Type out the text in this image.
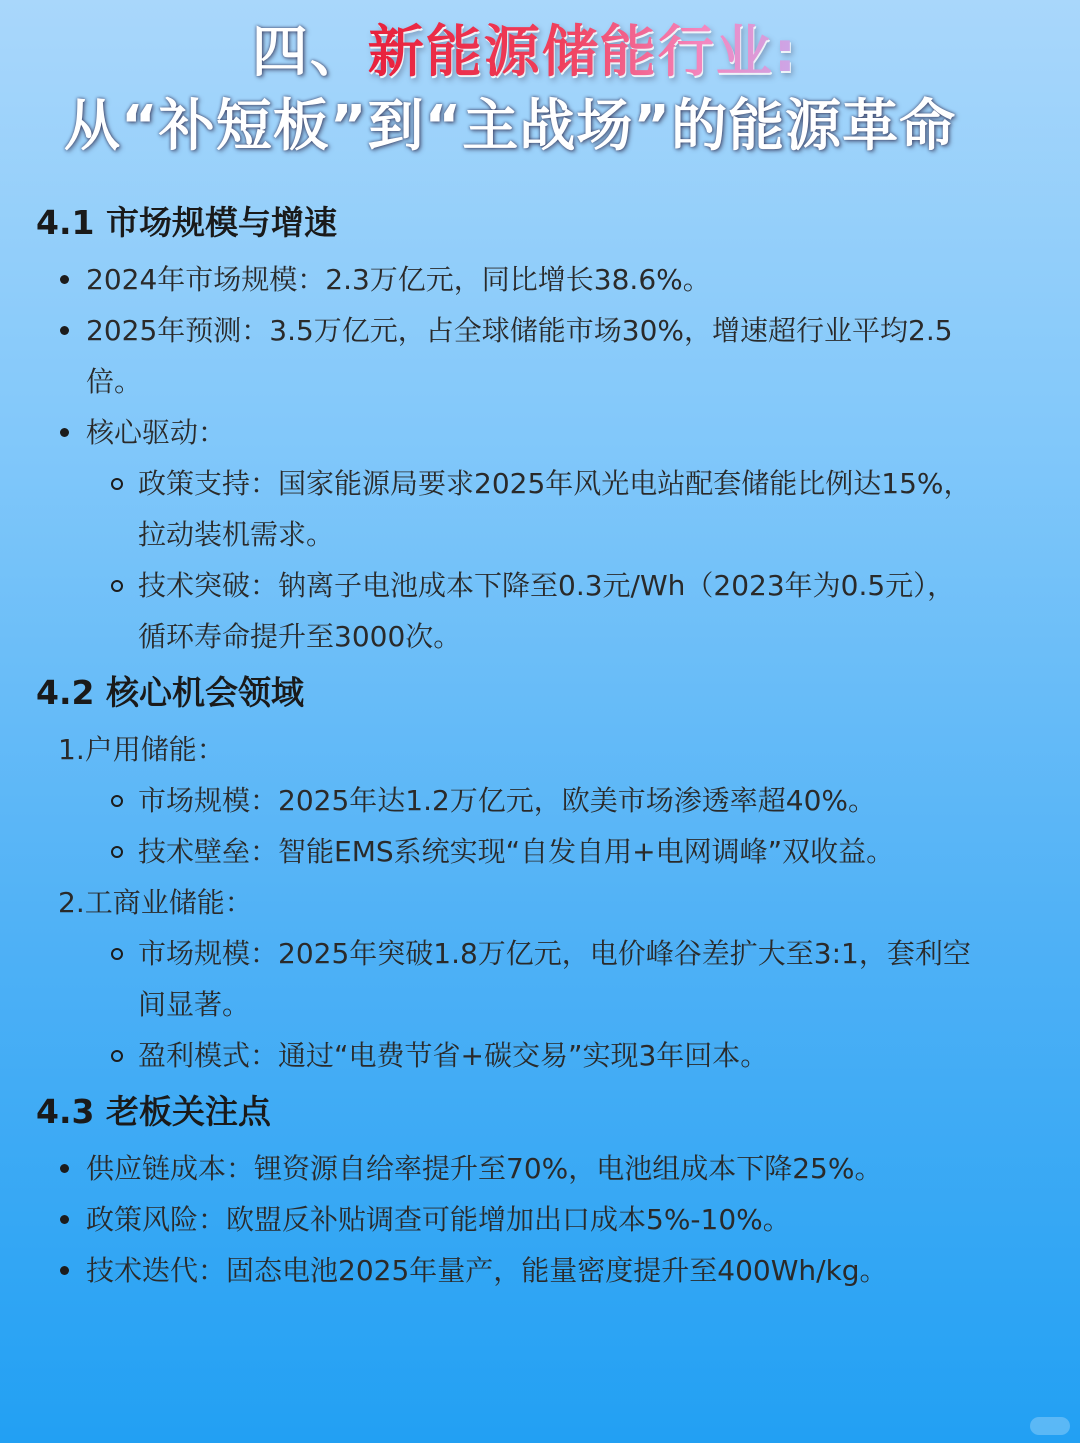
四、新能源储能行业:
从“补短板”到“主战场”的能源革命
4.1 市场规模与增速
2024年市场规模：2.3万亿元，同比增长38.6%。
2025年预测：3.5万亿元，占全球储能市场30%，增速超行业平均2.5
倍。
核心驱动：
政策支持：国家能源局要求2025年风光电站配套储能比例达15%，
拉动装机需求。
技术突破：钠离子电池成本下降至0.3元/Wh（2023年为0.5元），
循环寿命提升至3000次。
4.2 核心机会领域
1.户用储能：
市场规模：2025年达1.2万亿元，欧美市场渗透率超40%。
技术壁垒：智能EMS系统实现“自发自用+电网调峰”双收益。
2.工商业储能：
市场规模：2025年突破1.8万亿元，电价峰谷差扩大至3:1，套利空
间显著。
盈利模式：通过“电费节省+碳交易”实现3年回本。
4.3 老板关注点
供应链成本：锂资源自给率提升至70%，电池组成本下降25%。
政策风险：欧盟反补贴调查可能增加出口成本5%-10%。
技术迭代：固态电池2025年量产，能量密度提升至400Wh/kg。
